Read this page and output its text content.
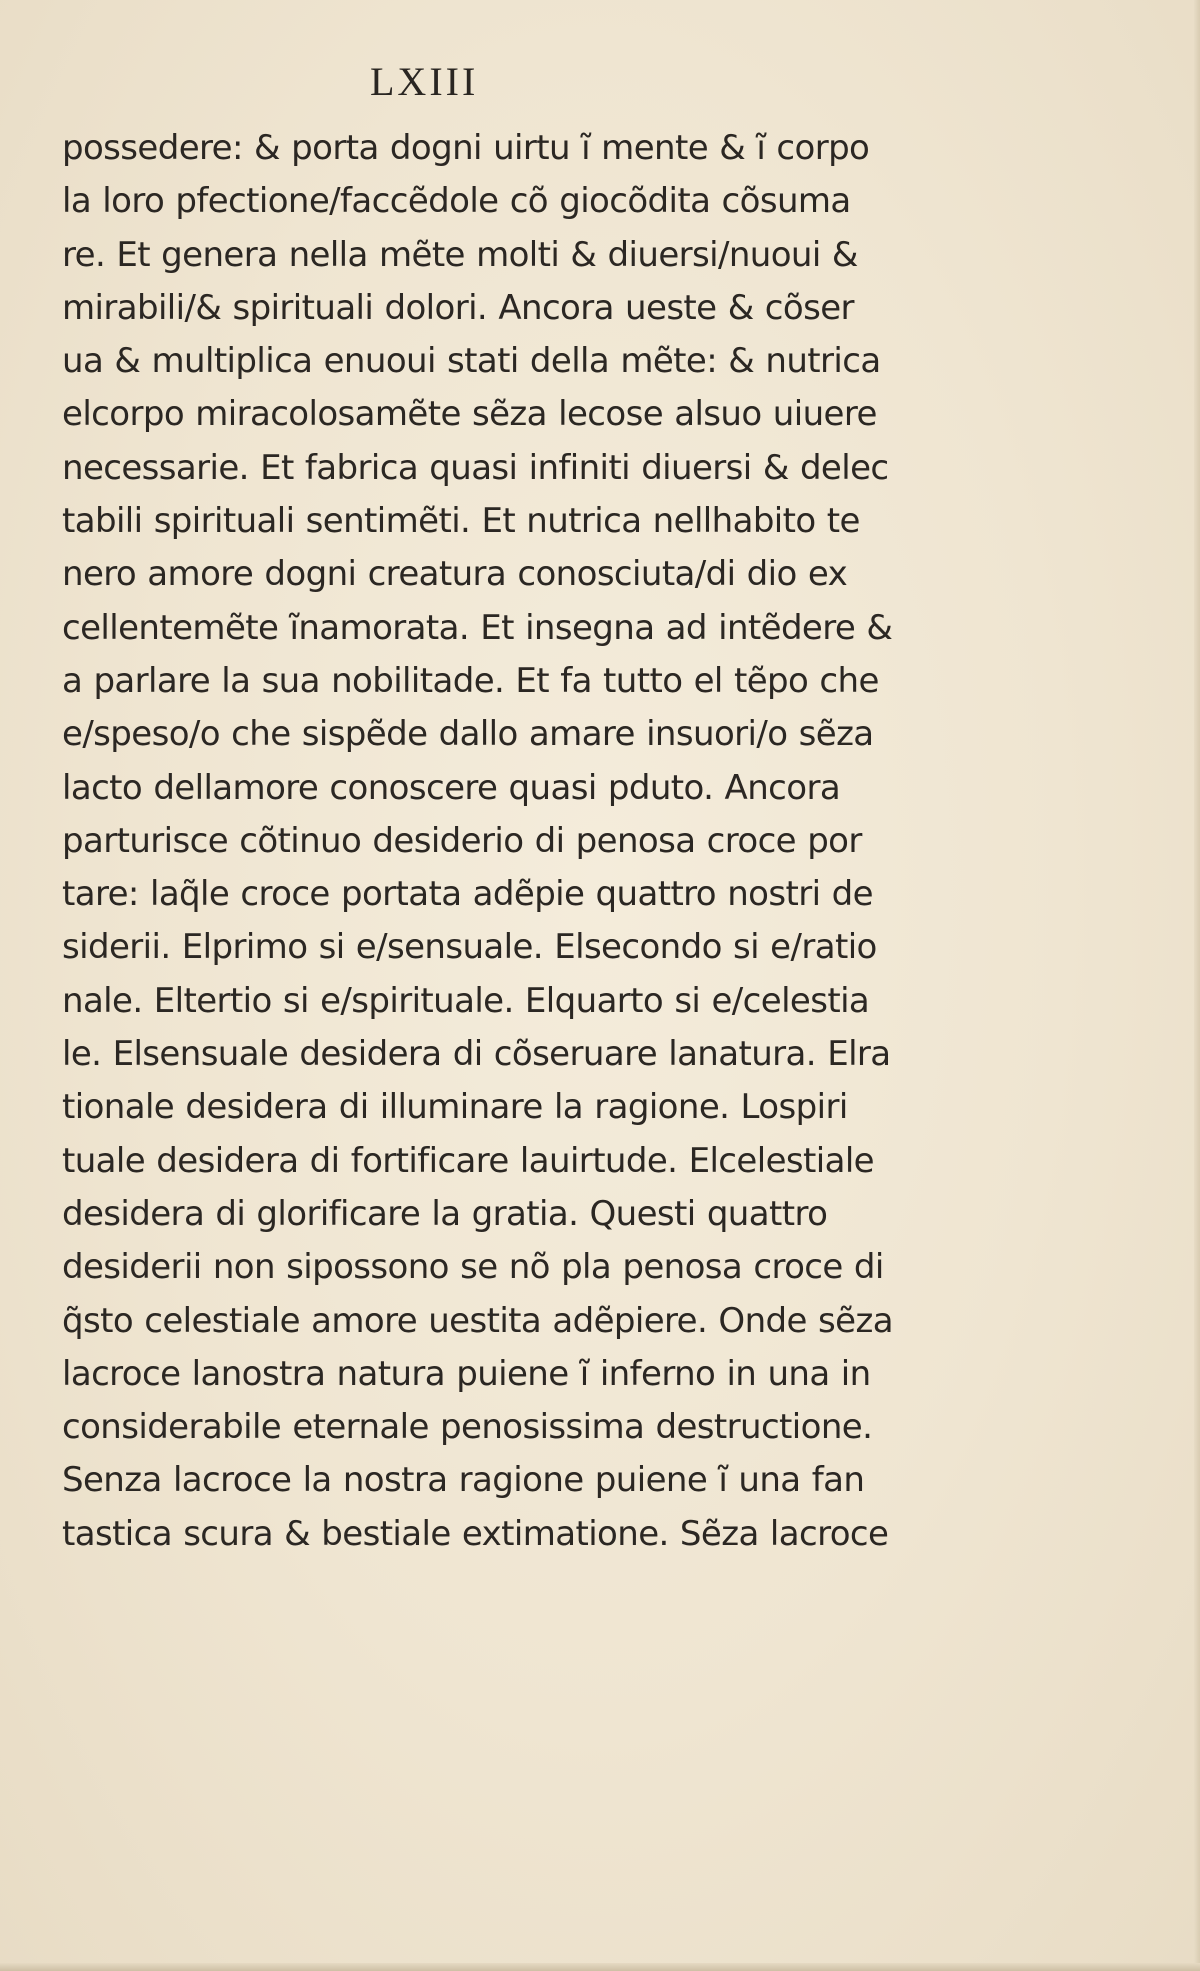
LXIII
possedere: & porta dogni uirtu ĩ mente & ĩ corpo
la loro pfectione/faccẽdole cõ giocõdita cõsuma
re. Et genera nella mẽte molti & diuersi/nuoui &
mirabili/& spirituali dolori. Ancora ueste & cõser
ua & multiplica enuoui stati della mẽte: & nutrica
elcorpo miracolosamẽte sẽza lecose alsuo uiuere
necessarie. Et fabrica quasi infiniti diuersi & delec
tabili spirituali sentimẽti. Et nutrica nellhabito te
nero amore dogni creatura conosciuta/di dio ex
cellentemẽte ĩnamorata. Et insegna ad intẽdere &
a parlare la sua nobilitade. Et fa tutto el tẽpo che
e/speso/o che sispẽde dallo amare insuori/o sẽza
lacto dellamore conoscere quasi pduto. Ancora
parturisce cõtinuo desiderio di penosa croce por
tare: laq̃le croce portata adẽpie quattro nostri de
siderii. Elprimo si e/sensuale. Elsecondo si e/ratio
nale. Eltertio si e/spirituale. Elquarto si e/celestia
le. Elsensuale desidera di cõseruare lanatura. Elra
tionale desidera di illuminare la ragione. Lospiri
tuale desidera di fortificare lauirtude. Elcelestiale
desidera di glorificare la gratia. Questi quattro
desiderii non sipossono se nõ pla penosa croce di
q̃sto celestiale amore uestita adẽpiere. Onde sẽza
lacroce lanostra natura puiene ĩ inferno in una in
considerabile eternale penosissima destructione.
Senza lacroce la nostra ragione puiene ĩ una fan
tastica scura & bestiale extimatione. Sẽza lacroce
